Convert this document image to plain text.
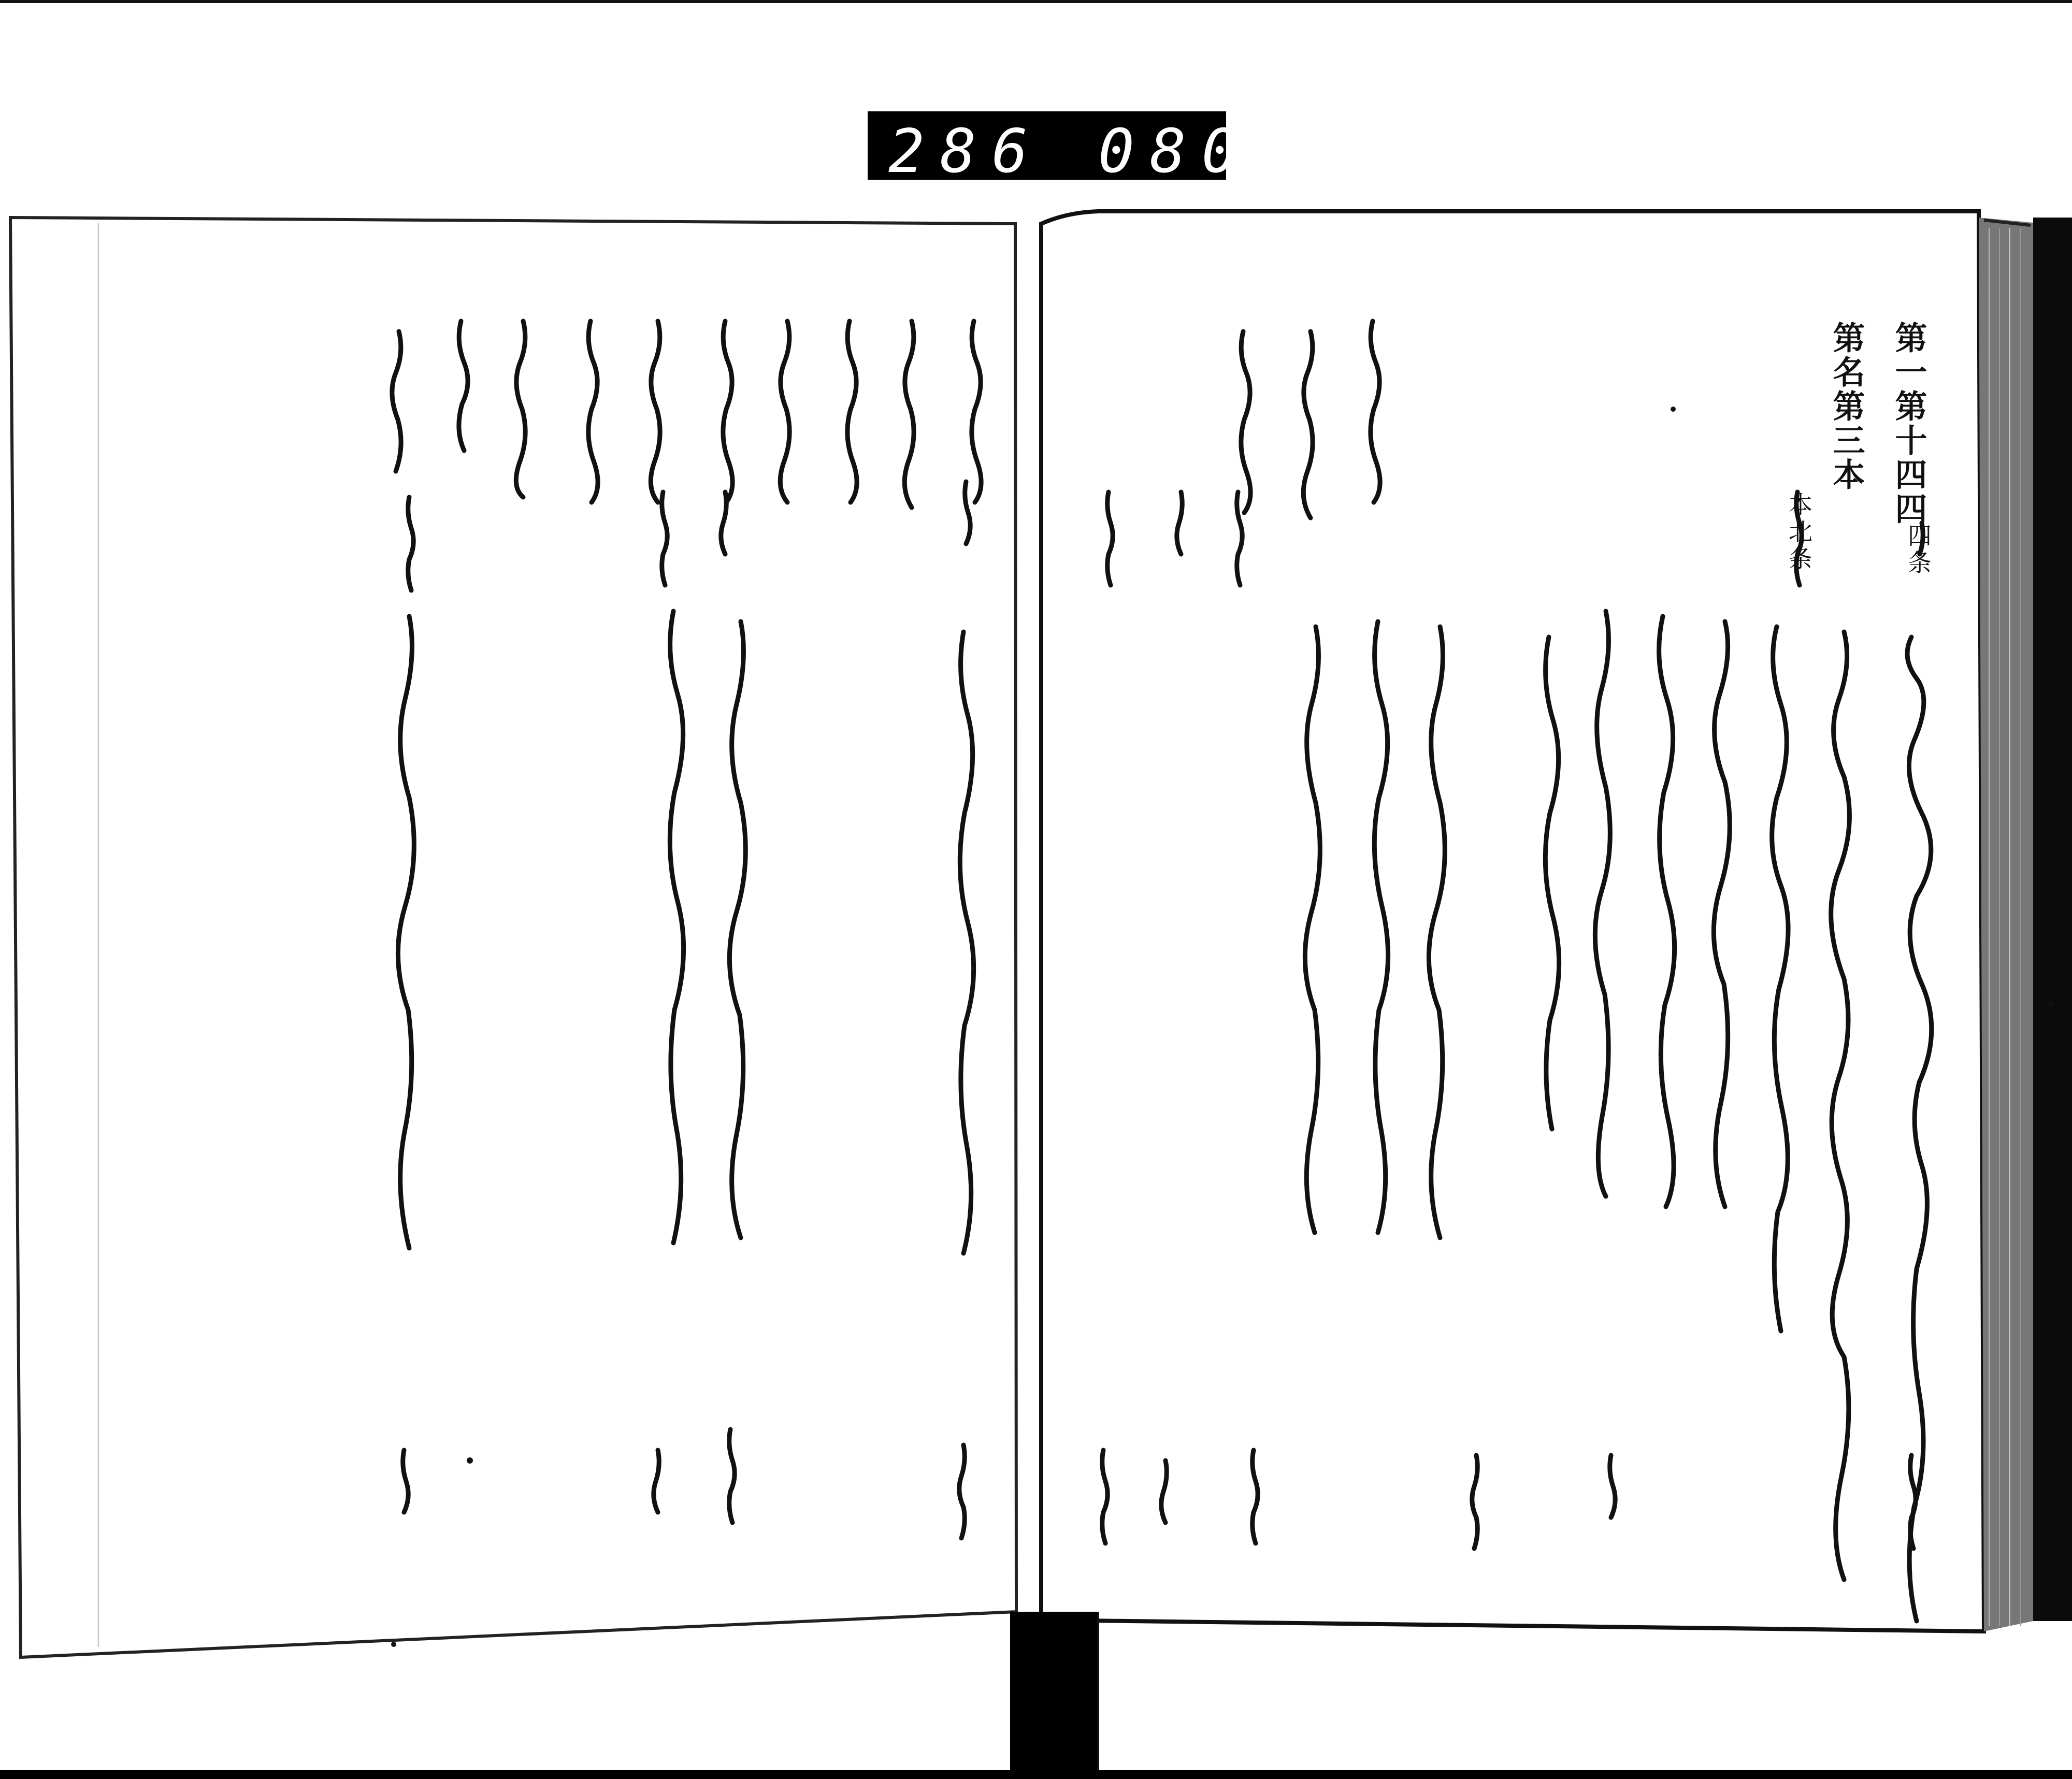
286 080.
第一第十四四
四条
第名第三本
本北条
